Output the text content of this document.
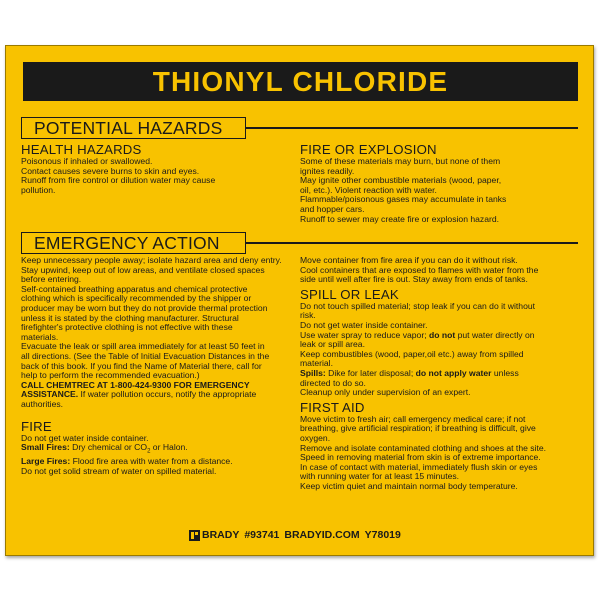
THIONYL CHLORIDE
POTENTIAL HAZARDS
HEALTH HAZARDS

Poisonous if inhaled or swallowed.

Contact causes severe burns to skin and eyes.

Runoff from fire control or dilution water may cause

pollution.

FIRE OR EXPLOSION

Some of these materials may burn, but none of them

ignites readily.

May ignite other combustible materials (wood, paper,

oil, etc.). Violent reaction with water.

Flammable/poisonous gases may accumulate in tanks

and hopper cars.

Runoff to sewer may create fire or explosion hazard.

EMERGENCY ACTION

Keep unnecessary people away; isolate hazard area and deny entry.

Stay upwind, keep out of low areas, and ventilate closed spaces

before entering.

Self-contained breathing apparatus and chemical protective

clothing which is specifically recommended by the shipper or

producer may be worn but they do not provide thermal protection

unless it is stated by the clothing manufacturer. Structural

firefighter's protective clothing is not effective with these

materials.

Evacuate the leak or spill area immediately for at least 50 feet in

all directions. (See the Table of Initial Evacuation Distances in the

back of this book. If you find the Name of Material there, call for

help to perform the recommended evacuation.)

CALL CHEMTREC AT 1-800-424-9300 FOR EMERGENCY

ASSISTANCE. If water pollution occurs, notify the appropriate

authorities.

FIRE

Do not get water inside container.

Small Fires: Dry chemical or $CO_2$ or Halon.

Large Fires: Flood fire area with water from a distance.

Do not get solid stream of water on spilled material.

Move container from fire area if you can do it without risk.

Cool containers that are exposed to flames with water from the

side until well after fire is out. Stay away from ends of tanks.

SPILL OR LEAK

Do not touch spilled material; stop leak if you can do it without

risk.

Do not get water inside container.

Use water spray to reduce vapor; do not put water directly on

leak or spill area.

Keep combustibles (wood, paper,oil etc.) away from spilled

material.

Spills: Dike for later disposal; do not apply water unless

directed to do so.

Cleanup only under supervision of an expert.

FIRST AID

Move victim to fresh air; call emergency medical care; if not

breathing, give artificial respiration; if breathing is difficult, give

oxygen.

Remove and isolate contaminated clothing and shoes at the site.

Speed in removing material from skin is of extreme importance.

In case of contact with material, immediately flush skin or eyes

with running water for at least 15 minutes.

Keep victim quiet and maintain normal body temperature.

BRADY #93741 BRADYID.COM Y78019
